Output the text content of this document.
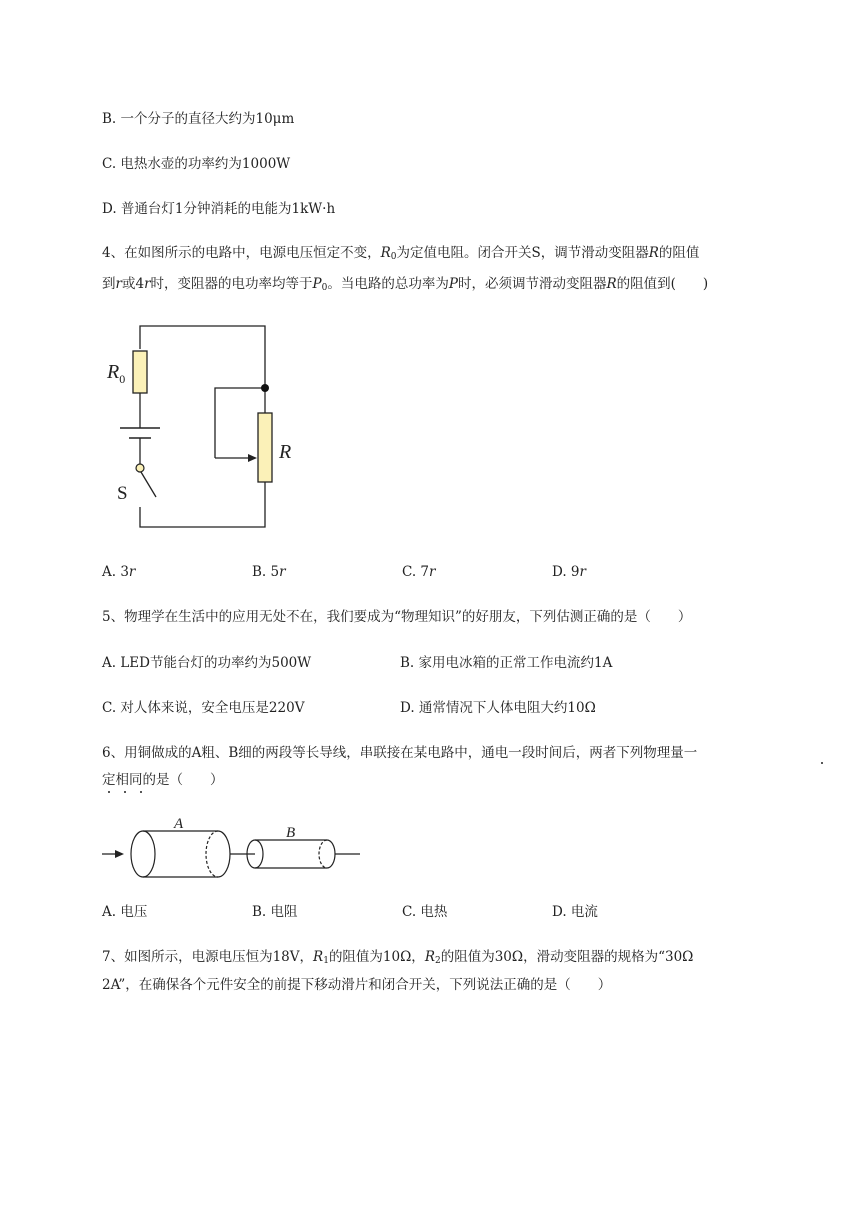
B. 一个分子的直径大约为10μm
C. 电热水壶的功率约为1000W
D. 普通台灯1分钟消耗的电能为1kW·h
4、在如图所示的电路中，电源电压恒定不变，$R_0$为定值电阻。闭合开关S，调节滑动变阻器R的阻值
到r或4r时，变阻器的电功率均等于$P_0$。当电路的总功率为P时，必须调节滑动变阻器R的阻值到(　　)
$R_0$
R
S
A. 3r	B. 5r	C. 7r	D. 9r
5、物理学在生活中的应用无处不在，我们要成为“物理知识”的好朋友，下列估测正确的是（　　）
A. LED节能台灯的功率约为500W	B. 家用电冰箱的正常工作电流约1A
C. 对人体来说，安全电压是220V	D. 通常情况下人体电阻大约10Ω
6、用铜做成的A粗、B细的两段等长导线，串联接在某电路中，通电一段时间后，两者下列物理量一
定相同的是（　　）
A
B
A. 电压	B. 电阻	C. 电热	D. 电流
7、如图所示，电源电压恒为18V，$R_1$的阻值为10Ω，$R_2$的阻值为30Ω，滑动变阻器的规格为“30Ω
2A”，在确保各个元件安全的前提下移动滑片和闭合开关，下列说法正确的是（　　）
